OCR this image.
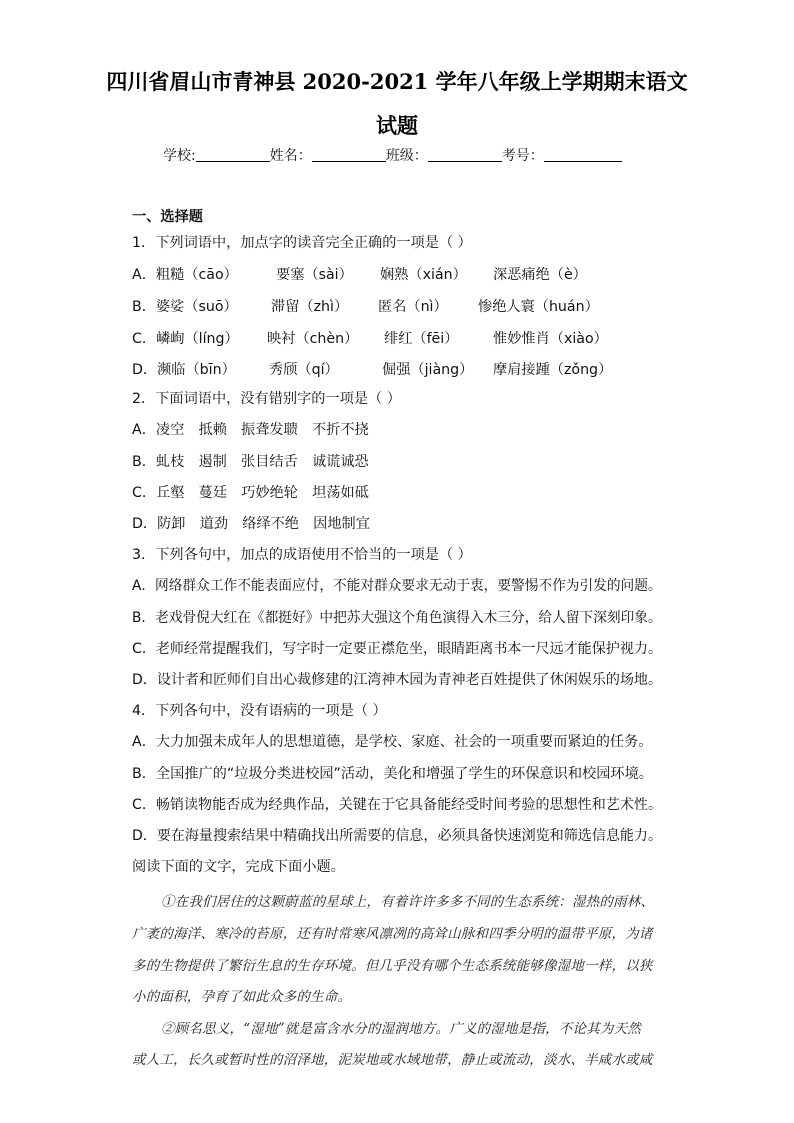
四川省眉山市青神县 2020-2021 学年八年级上学期期末语文
试题
学校:	姓名：	班级：	考号：
一、选择题
1．下列词语中，加点字的读音完全正确的一项是（ ）
A．粗糙（cāo）	要塞（sài） 娴熟（xián） 深恶痛绝（è）
B．婆娑（suō） 滞留（zhì） 匿名（nì） 惨绝人寰（huán）
C．嶙峋（líng） 映衬（chèn） 绯红（fēi） 惟妙惟肖（xiào）
D．濒临（bīn） 秀颀（qí）	倔强（jiàng） 摩肩接踵（zǒng）
2．下面词语中，没有错别字的一项是（ ）
A．凌空　抵赖　振聋发聩　不折不挠
B．虬枝　遏制　张目结舌　诚谎诚恐
C．丘壑　蔓廷　巧妙绝轮　坦荡如砥
D．防卸　道劲　络绎不绝　因地制宜
3．下列各句中，加点的成语使用不恰当的一项是（ ）
A．网络群众工作不能表面应付，不能对群众要求无动于衷，要警惕不作为引发的问题。
B．老戏骨倪大红在《都挺好》中把苏大强这个角色演得入木三分，给人留下深刻印象。
C．老师经常提醒我们，写字时一定要正襟危坐，眼睛距离书本一尺远才能保护视力。
D．设计者和匠师们自出心裁修建的江湾神木园为青神老百姓提供了休闲娱乐的场地。
4．下列各句中，没有语病的一项是（ ）
A．大力加强未成年人的思想道德，是学校、家庭、社会的一项重要而紧迫的任务。
B．全国推广的“垃圾分类进校园”活动，美化和增强了学生的环保意识和校园环境。
C．畅销读物能否成为经典作品，关键在于它具备能经受时间考验的思想性和艺术性。
D．要在海量搜索结果中精确找出所需要的信息，必须具备快速浏览和筛选信息能力。
阅读下面的文字，完成下面小题。
①在我们居住的这颗蔚蓝的星球上，有着许许多多不同的生态系统：湿热的雨林、
广袤的海洋、寒冷的苔原，还有时常寒风凛冽的高耸山脉和四季分明的温带平原，为诸
多的生物提供了繁衍生息的生存环境。但几乎没有哪个生态系统能够像湿地一样，以狭
小的面积，孕育了如此众多的生命。
②顾名思义，“湿地”就是富含水分的湿润地方。广义的湿地是指，不论其为天然
或人工，长久或暂时性的沼泽地，泥炭地或水域地带，静止或流动，淡水、半咸水或咸
